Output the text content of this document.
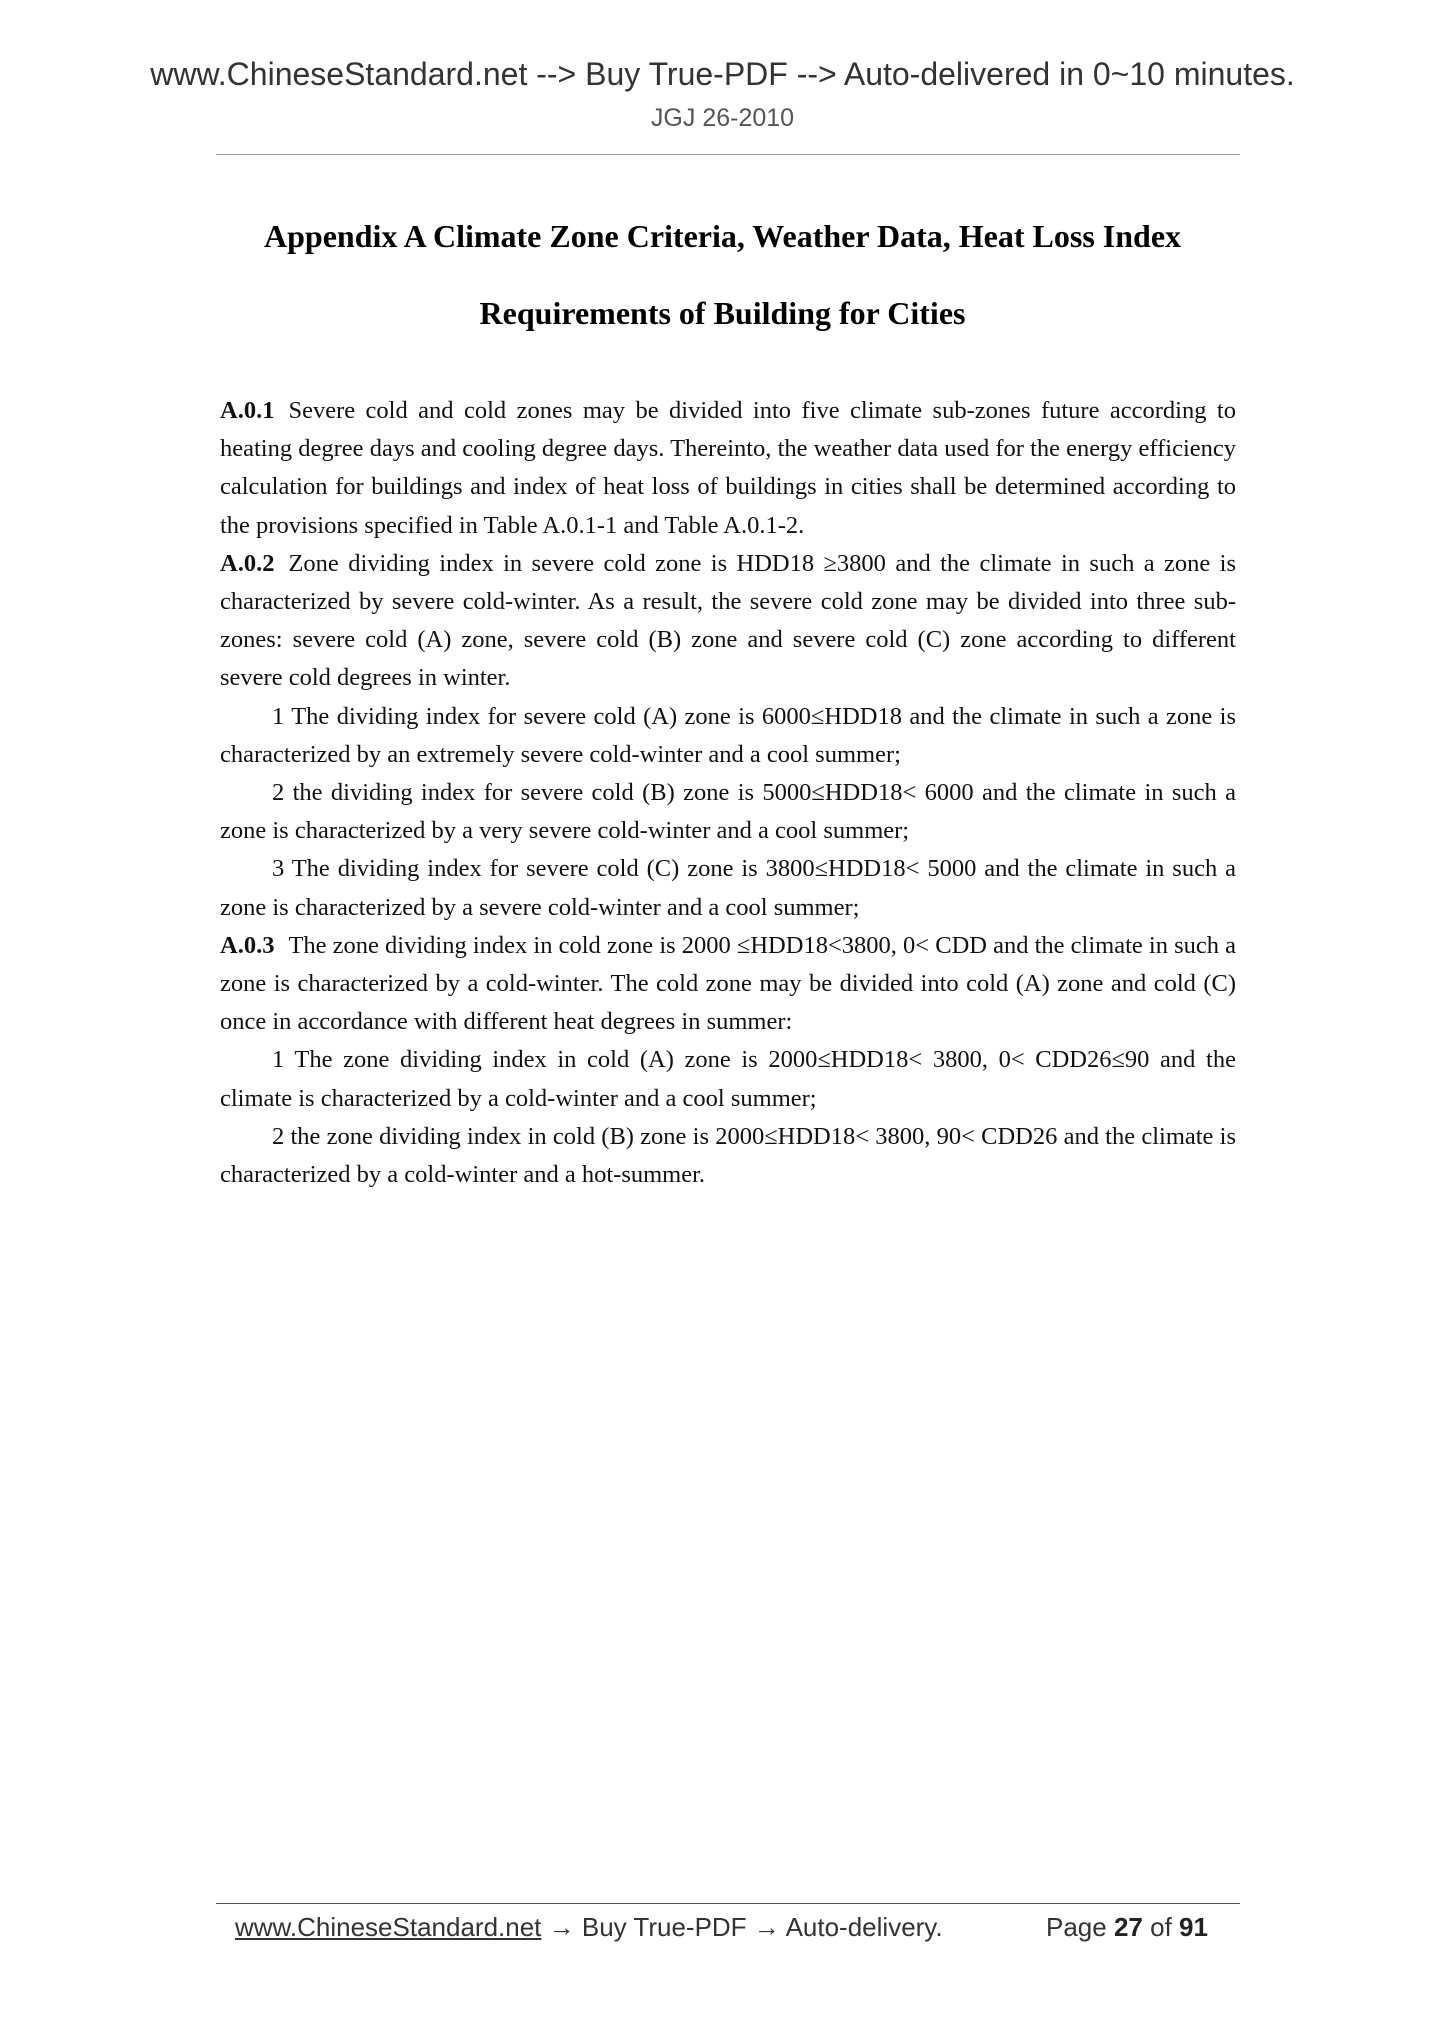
www.ChineseStandard.net --> Buy True-PDF --> Auto-delivered in 0~10 minutes.
JGJ 26-2010
Appendix A Climate Zone Criteria, Weather Data, Heat Loss Index
Requirements of Building for Cities

A.0.1 Severe cold and cold zones may be divided into five climate sub-zones future according to heating degree days and cooling degree days. Thereinto, the weather data used for the energy efficiency calculation for buildings and index of heat loss of buildings in cities shall be determined according to the provisions specified in Table A.0.1-1 and Table A.0.1-2.

A.0.2 Zone dividing index in severe cold zone is HDD18 ≥3800 and the climate in such a zone is characterized by severe cold-winter. As a result, the severe cold zone may be divided into three sub-zones: severe cold (A) zone, severe cold (B) zone and severe cold (C) zone according to different severe cold degrees in winter.

1 The dividing index for severe cold (A) zone is 6000≤HDD18 and the climate in such a zone is characterized by an extremely severe cold-winter and a cool summer;

2 the dividing index for severe cold (B) zone is 5000≤HDD18< 6000 and the climate in such a zone is characterized by a very severe cold-winter and a cool summer;

3 The dividing index for severe cold (C) zone is 3800≤HDD18< 5000 and the climate in such a zone is characterized by a severe cold-winter and a cool summer;

A.0.3 The zone dividing index in cold zone is 2000 ≤HDD18<3800, 0< CDD and the climate in such a zone is characterized by a cold-winter. The cold zone may be divided into cold (A) zone and cold (C) once in accordance with different heat degrees in summer:

1 The zone dividing index in cold (A) zone is 2000≤HDD18< 3800, 0< CDD26≤90 and the climate is characterized by a cold-winter and a cool summer;

2 the zone dividing index in cold (B) zone is 2000≤HDD18< 3800, 90< CDD26 and the climate is characterized by a cold-winter and a hot-summer.

www.ChineseStandard.net → Buy True-PDF → Auto-delivery.	Page 27 of 91
